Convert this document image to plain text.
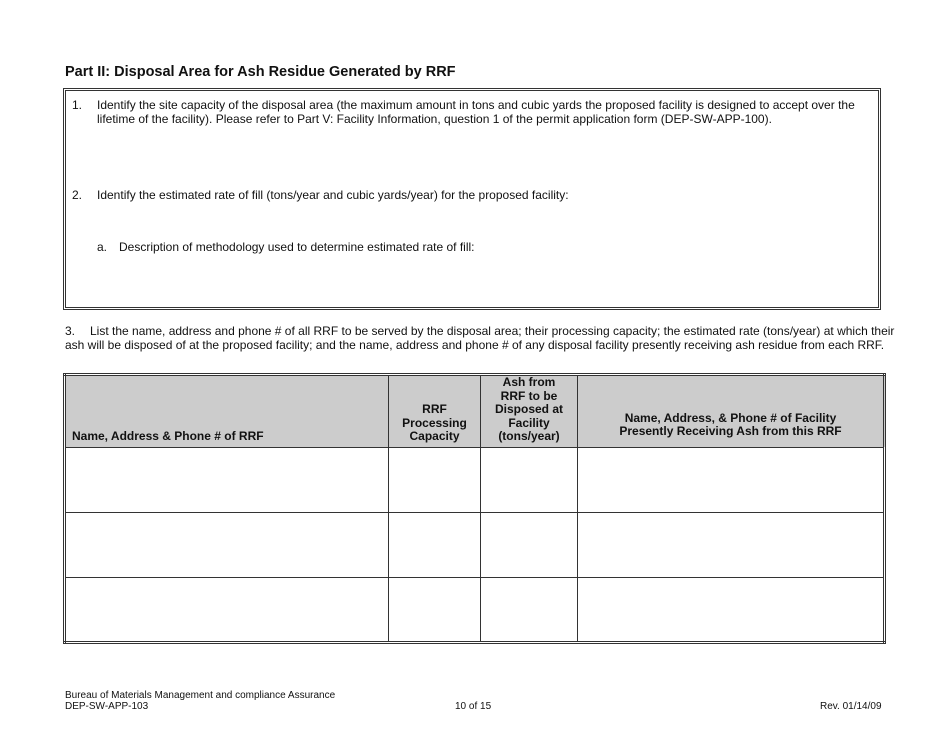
Part II: Disposal Area for Ash Residue Generated by RRF
1. Identify the site capacity of the disposal area (the maximum amount in tons and cubic yards the proposed facility is designed to accept over the lifetime of the facility). Please refer to Part V: Facility Information, question 1 of the permit application form (DEP-SW-APP-100).
2. Identify the estimated rate of fill (tons/year and cubic yards/year) for the proposed facility:
a. Description of methodology used to determine estimated rate of fill:
3.	List the name, address and phone # of all RRF to be served by the disposal area; their processing capacity; the estimated rate (tons/year) at which their ash will be disposed of at the proposed facility; and the name, address and phone # of any disposal facility presently receiving ash residue from each RRF.
Name, Address & Phone # of RRF	RRF Processing Capacity	Ash from RRF to be Disposed at Facility (tons/year)	Name, Address, & Phone # of Facility Presently Receiving Ash from this RRF

Bureau of Materials Management and compliance Assurance
DEP-SW-APP-103	10 of 15	Rev. 01/14/09
